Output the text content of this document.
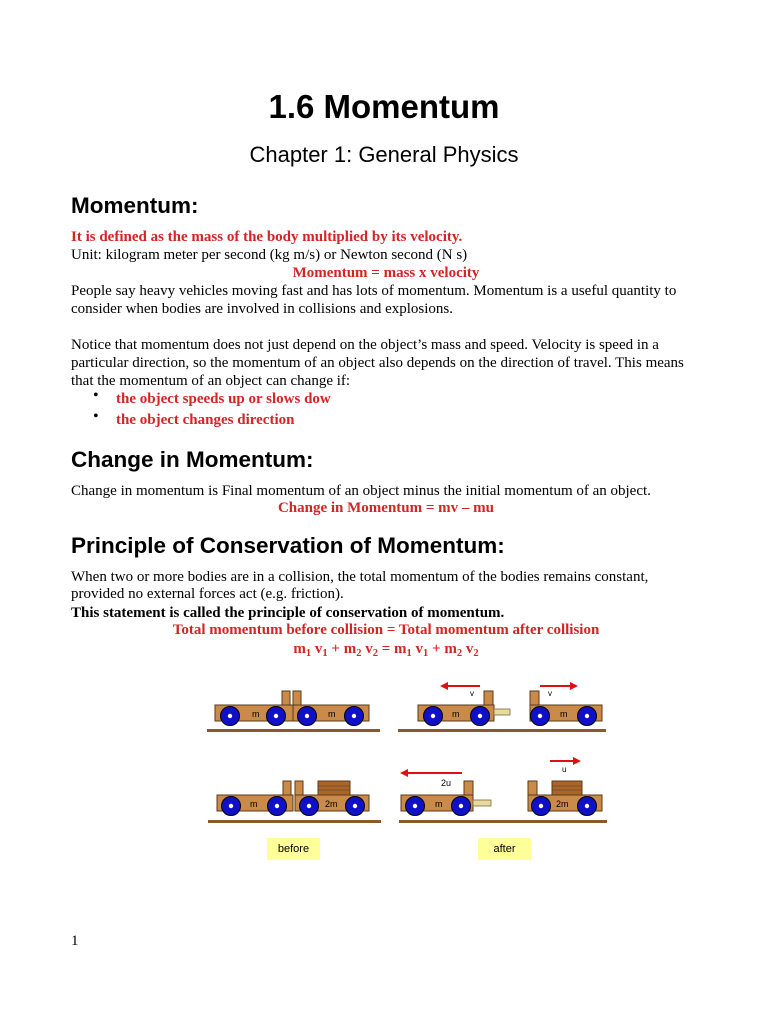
1.6 Momentum
Chapter 1: General Physics
Momentum:
It is defined as the mass of the body multiplied by its velocity.
Unit: kilogram meter per second (kg m/s) or Newton second (N s)
Momentum = mass x velocity
People say heavy vehicles moving fast and has lots of momentum. Momentum is a useful quantity to
consider when bodies are involved in collisions and explosions.
Notice that momentum does not just depend on the object’s mass and speed. Velocity is speed in a
particular direction, so the momentum of an object also depends on the direction of travel. This means
that the momentum of an object can change if:
• the object speeds up or slows dow
• the object changes direction
Change in Momentum:
Change in momentum is Final momentum of an object minus the initial momentum of an object.
Change in Momentum = mv – mu
Principle of Conservation of Momentum:
When two or more bodies are in a collision, the total momentum of the bodies remains constant,
provided no external forces act (e.g. friction).
This statement is called the principle of conservation of momentum.
Total momentum before collision = Total momentum after collision
$m_1$ $v_1 + m_2$ $v_2 = m_1$ $v_1 + m_2$ $v_2$
m	m	m	m
v	v
m	2m	m	2m
2u
u
before	after
1
